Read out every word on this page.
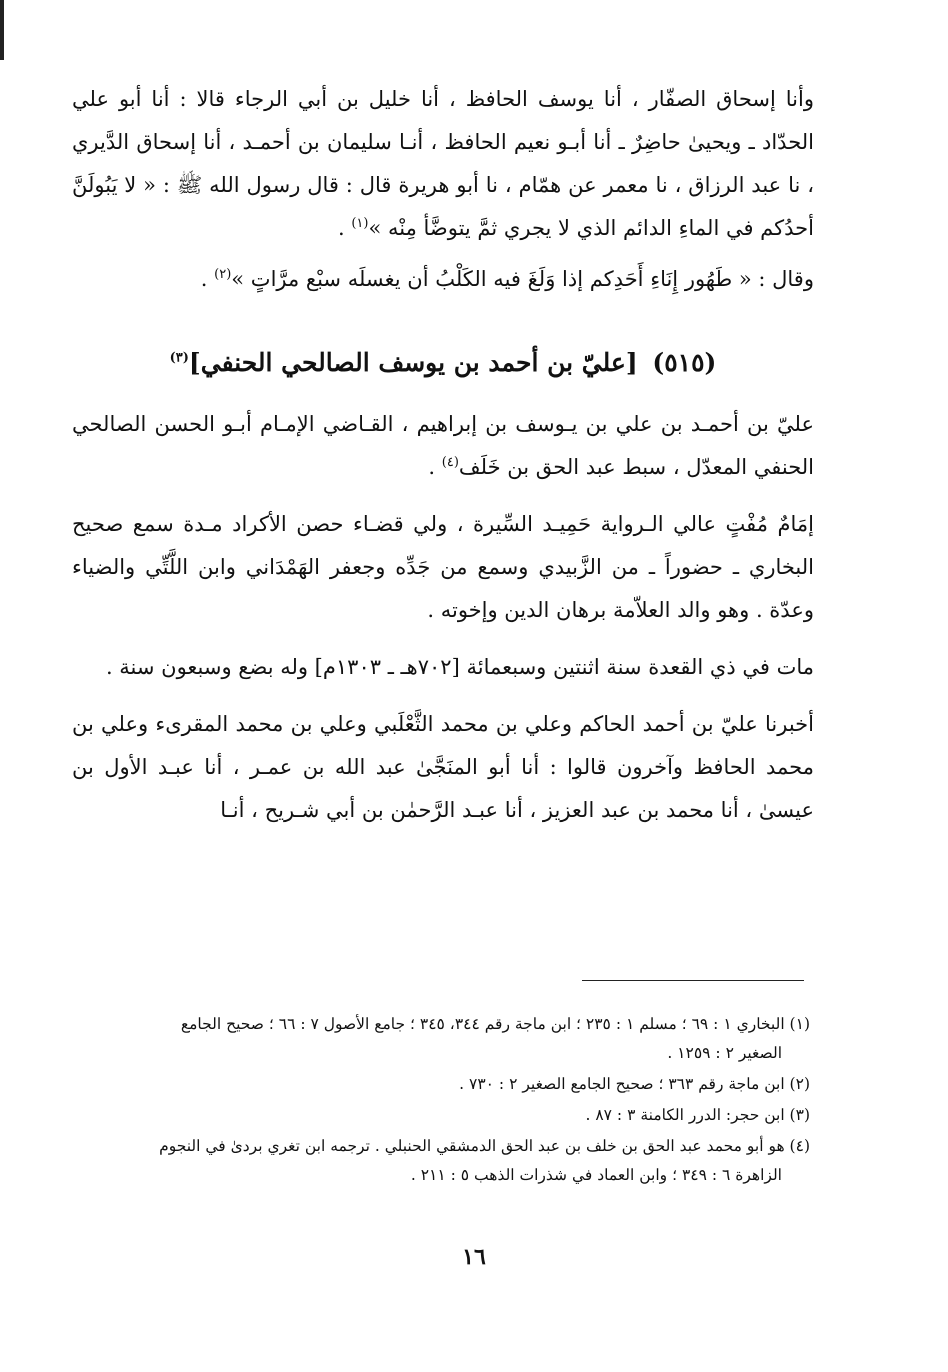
وأنا إسحاق الصفّار ، أنا يوسف الحافظ ، أنا خليل بن أبي الرجاء قالا : أنا أبو علي الحدّاد ـ ويحيىٰ حاضِرٌ ـ أنا أبـو نعيم الحافظ ، أنـا سليمان بن أحمـد ، أنا إسحاق الدَّيري ، نا عبد الرزاق ، نا معمر عن همّام ، نا أبو هريرة قال : قال رسول الله ﷺ : « لا يَبُولَنَّ أحدُكم في الماءِ الدائم الذي لا يجري ثمَّ يتوضَّأ مِنْه »$^{(١)}$ .

وقال : « طَهُور إِنَاءِ أَحَدِكم إذا وَلَغَ فيه الكَلْبُ أن يغسلَه سبْع مرَّاتٍ »$^{(٢)}$ .

(٥١٥) [عليّ بن أحمد بن يوسف الصالحي الحنفي]$^{(٣)}$

عليّ بن أحمـد بن علي بن يـوسف بن إبراهيم ، القـاضي الإمـام أبـو الحسن الصالحي الحنفي المعدّل ، سبط عبد الحق بن خَلَف$^{(٤)}$ .

إمَامٌ مُفْتٍ عالي الـرواية حَمِيـد السِّيرة ، ولي قضـاء حصن الأكراد مـدة سمع صحيح البخاري ـ حضوراً ـ من الزَّبيدي وسمع من جَدِّه وجعفر الهَمْدَاني وابن اللَّتِّي والضياء وعدّة . وهو والد العلاّمة برهان الدين وإخوته .

مات في ذي القعدة سنة اثنتين وسبعمائة [٧٠٢هـ ـ ١٣٠٣م] وله بضع وسبعون سنة .

أخبرنا عليّ بن أحمد الحاكم وعلي بن محمد الثَّعْلَبي وعلي بن محمد المقرىء وعلي بن محمد الحافظ وآخرون قالوا : أنا أبو المنَجَّىٰ عبد الله بن عمـر ، أنا عبـد الأول بن عيسىٰ ، أنا محمد بن عبد العزيز ، أنا عبـد الرَّحمٰن بن أبي شـريح ، أنـا

(١) البخاري ١ : ٦٩ ؛ مسلم ١ : ٢٣٥ ؛ ابن ماجة رقم ٣٤٤، ٣٤٥ ؛ جامع الأصول ٧ : ٦٦ ؛ صحيح الجامع
الصغير ٢ : ١٢٥٩ .
(٢) ابن ماجة رقم ٣٦٣ ؛ صحيح الجامع الصغير ٢ : ٧٣٠ .
(٣) ابن حجر: الدرر الكامنة ٣ : ٨٧ .
(٤) هو أبو محمد عبد الحق بن خلف بن عبد الحق الدمشقي الحنبلي . ترجمه ابن تغري بردىٰ في النجوم
الزاهرة ٦ : ٣٤٩ ؛ وابن العماد في شذرات الذهب ٥ : ٢١١ .
١٦
